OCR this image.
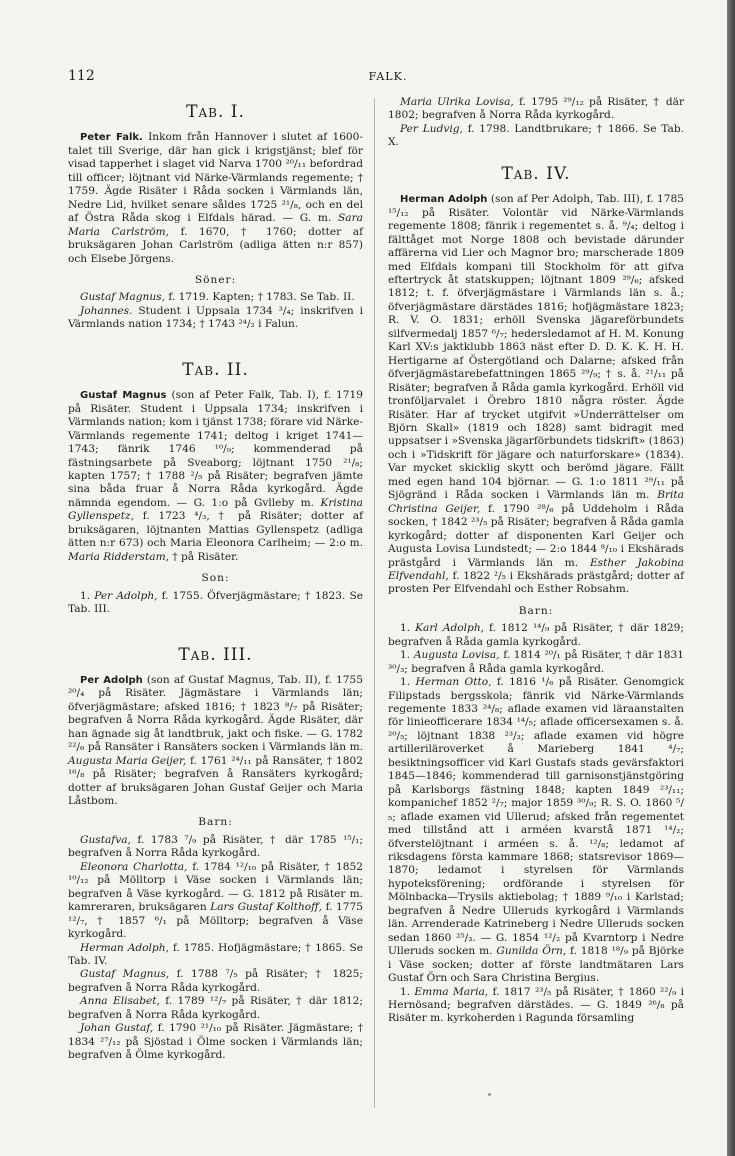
112	FALK.
Tab. I.

Peter Falk. Inkom från Hannover i slutet af 1600-talet till Sverige, där han gick i krigstjänst; blef för visad tapperhet i slaget vid Narva 1700 ²⁰/₁₁ befordrad till officer; löjtnant vid Närke-Värmlands regemente; † 1759. Ägde Risäter i Råda socken i Värmlands län, Nedre Lid, hvilket senare såldes 1725 ²¹/₈, och en del af Östra Råda skog i Elfdals härad. — G. m. Sara Maria Carlström, f. 1670, † 1760; dotter af bruksägaren Johan Carlström (adliga ätten n:r 857) och Elsebe Jörgens.

Söner:

Gustaf Magnus, f. 1719. Kapten; † 1783. Se Tab. II.

Johannes. Student i Uppsala 1734 ³/₄; inskrifven i Värmlands nation 1734; † 1743 ²⁴/₂ i Falun.

Tab. II.

Gustaf Magnus (son af Peter Falk, Tab. I), f. 1719 på Risäter. Student i Uppsala 1734; inskrifven i Värmlands nation; kom i tjänst 1738; förare vid Närke-Värmlands regemente 1741; deltog i kriget 1741—1743; fänrik 1746 ¹⁰/₉; kommenderad på fästningsarbete på Sveaborg; löjtnant 1750 ²¹/₈; kapten 1757; † 1788 ²/₅ på Risäter; begrafven jämte sina båda fruar å Norra Råda kyrkogård. Ägde nämnda egendom. — G. 1:o på Gvlleby m. Kristina Gyllenspetz, f. 1723 ⁴/₃, † på Risäter; dotter af bruksägaren, löjtnanten Mattias Gyllenspetz (adliga ätten n:r 673) och Maria Eleonora Carlheim; — 2:o m. Maria Ridderstam, † på Risäter.

Son:

1. Per Adolph, f. 1755. Öfverjägmästare; † 1823. Se Tab. III.

Tab. III.

Per Adolph (son af Gustaf Magnus, Tab. II), f. 1755 ²⁰/₄ på Risäter. Jägmästare i Värmlands län; öfverjägmästare; afsked 1816; † 1823 ⁸/₇ på Risäter; begrafven å Norra Råda kyrkogård. Ägde Risäter, där han ägnade sig åt landtbruk, jakt och fiske. — G. 1782 ²²/₆ på Ransäter i Ransäters socken i Värmlands län m. Augusta Maria Geijer, f. 1761 ²⁴/₁₁ på Ransäter, † 1802 ¹⁶/₈ på Risäter; begrafven å Ransäters kyrkogård; dotter af bruksägaren Johan Gustaf Geijer och Maria Låstbom.

Barn:

Gustafva, f. 1783 ⁷/₉ på Risäter, † där 1785 ¹⁵/₁; begrafven å Norra Råda kyrkogård.

Eleonora Charlotta, f. 1784 ¹²/₁₀ på Risäter, † 1852 ¹⁰/₁₂ på Mölltorp i Väse socken i Värmlands län; begrafven å Väse kyrkogård. — G. 1812 på Risäter m. kamreraren, bruksägaren Lars Gustaf Kolthoff, f. 1775 ¹²/₇, † 1857 ⁶/₁ på Mölltorp; begrafven å Väse kyrkogård.

Herman Adolph, f. 1785. Hofjägmästare; † 1865. Se Tab. IV.

Gustaf Magnus, f. 1788 ⁷/₅ på Risäter; † 1825; begrafven å Norra Råda kyrkogård.

Anna Elisabet, f. 1789 ¹²/₇ på Risäter, † där 1812; begrafven å Norra Råda kyrkogård.

Johan Gustaf, f. 1790 ²¹/₁₀ på Risäter. Jägmästare; † 1834 ²⁷/₁₂ på Sjöstad i Ölme socken i Värmlands län; begrafven å Ölme kyrkogård.

Maria Ulrika Lovisa, f. 1795 ²⁹/₁₂ på Risäter, † där 1802; begrafven å Norra Råda kyrkogård.

Per Ludvig, f. 1798. Landtbrukare; † 1866. Se Tab. X.

Tab. IV.

Herman Adolph (son af Per Adolph, Tab. III), f. 1785 ¹⁵/₁₂ på Risäter. Volontär vid Närke-Värmlands regemente 1808; fänrik i regementet s. å. ⁹/₄; deltog i fälttåget mot Norge 1808 och bevistade därunder affärerna vid Lier och Magnor bro; marscherade 1809 med Elfdals kompani till Stockholm för att gifva eftertryck åt statskuppen; löjtnant 1809 ²⁹/₆; afsked 1812; t. f. öfverjägmästare i Värmlands län s. å.; öfverjägmästare därstädes 1816; hofjägmästare 1823; R. V. O. 1831; erhöll Svenska jägareförbundets silfvermedalj 1857 ⁶/₇; hedersledamot af H. M. Konung Karl XV:s jaktklubb 1863 näst efter D. D. K. K. H. H. Hertigarne af Östergötland och Dalarne; afsked från öfverjägmästarebefattningen 1865 ²⁹/₉; † s. å. ²¹/₁₁ på Risäter; begrafven å Råda gamla kyrkogård. Erhöll vid tronföljarvalet i Örebro 1810 några röster. Ägde Risäter. Har af trycket utgifvit »Underrättelser om Björn Skall» (1819 och 1828) samt bidragit med uppsatser i »Svenska jägarförbundets tidskrift» (1863) och i »Tidskrift för jägare och naturforskare» (1834). Var mycket skicklig skytt och berömd jägare. Fällt med egen hand 104 björnar. — G. 1:o 1811 ²⁹/₁₁ på Sjögränd i Råda socken i Värmlands län m. Brita Christina Geijer, f. 1790 ²⁸/₆ på Uddeholm i Råda socken, † 1842 ²³/₅ på Risäter; begrafven å Råda gamla kyrkogård; dotter af disponenten Karl Geijer och Augusta Lovisa Lundstedt; — 2:o 1844 ⁸/₁₀ i Ekshärads prästgård i Värmlands län m. Esther Jakobina Elfvendahl, f. 1822 ²/₅ i Ekshärads prästgård; dotter af prosten Per Elfvendahl och Esther Robsahm.

Barn:

1. Karl Adolph, f. 1812 ¹⁴/₉ på Risäter, † där 1829; begrafven å Råda gamla kyrkogård.

1. Augusta Lovisa, f. 1814 ²⁰/₁ på Risäter, † där 1831 ³⁰/₃; begrafven å Råda gamla kyrkogård.

1. Herman Otto, f. 1816 ¹/₆ på Risäter. Genomgick Filipstads bergsskola; fänrik vid Närke-Värmlands regemente 1833 ²⁴/₈; aflade examen vid läraanstalten för linieofficerare 1834 ¹⁴/₅; aflade officersexamen s. å. ²⁰/₅; löjtnant 1838 ²³/₃; aflade examen vid högre artilleriläroverket å Marieberg 1841 ⁴/₇; besiktningsofficer vid Karl Gustafs stads gevärsfaktori 1845—1846; kommenderad till garnisonstjänstgöring på Karlsborgs fästning 1848; kapten 1849 ²³/₁₁; kompanichef 1852 ²/₇; major 1859 ³⁰/₉; R. S. O. 1860 ⁵/₅; aflade examen vid Ullerud; afsked från regementet med tillstånd att i arméen kvarstå 1871 ¹⁴/₂; öfverstelöjtnant i arméen s. å. ¹²/₈; ledamot af riksdagens första kammare 1868; statsrevisor 1869—1870; ledamot i styrelsen för Värmlands hypoteksförening; ordförande i styrelsen för Mölnbacka—Trysils aktiebolag; † 1889 ⁹/₁₀ i Karlstad; begrafven å Nedre Ulleruds kyrkogård i Värmlands län. Arrenderade Katrineberg i Nedre Ulleruds socken sedan 1860 ²⁵/₃. — G. 1854 ¹²/₂ på Kvarntorp i Nedre Ulleruds socken m. Gunilda Örn, f. 1818 ¹⁸/₉ på Björke i Väse socken; dotter af förste landtmätaren Lars Gustaf Örn och Sara Christina Bergius.

1. Emma Maria, f. 1817 ²³/₅ på Risäter, † 1860 ²²/₉ i Hernösand; begrafven därstädes. — G. 1849 ²⁶/₈ på Risäter m. kyrkoherden i Ragunda församling
